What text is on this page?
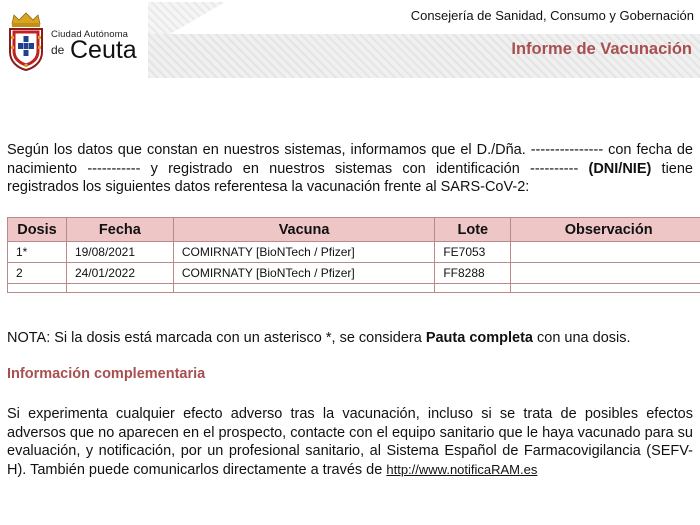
Ciudad Autónoma
de Ceuta
Consejería de Sanidad, Consumo y Gobernación
Informe de Vacunación

Según los datos que constan en nuestros sistemas, informamos que el D./Dña. --------------- con fecha de nacimiento ----------- y registrado en nuestros sistemas con identificación ---------- (DNI/NIE) tiene registrados los siguientes datos referentesa la vacunación frente al SARS-CoV-2:

Dosis	Fecha	Vacuna	Lote	Observación
1*	19/08/2021	COMIRNATY [BioNTech / Pfizer]	FE7053	
2	24/01/2022	COMIRNATY [BioNTech / Pfizer]	FF8288	

NOTA: Si la dosis está marcada con un asterisco *, se considera Pauta completa con una dosis.

Información complementaria

Si experimenta cualquier efecto adverso tras la vacunación, incluso si se trata de posibles efectos adversos que no aparecen en el prospecto, contacte con el equipo sanitario que le haya vacunado para su evaluación, y notificación, por un profesional sanitario, al Sistema Español de Farmacovigilancia (SEFV-H). También puede comunicarlos directamente a través de http://www.notificaRAM.es
